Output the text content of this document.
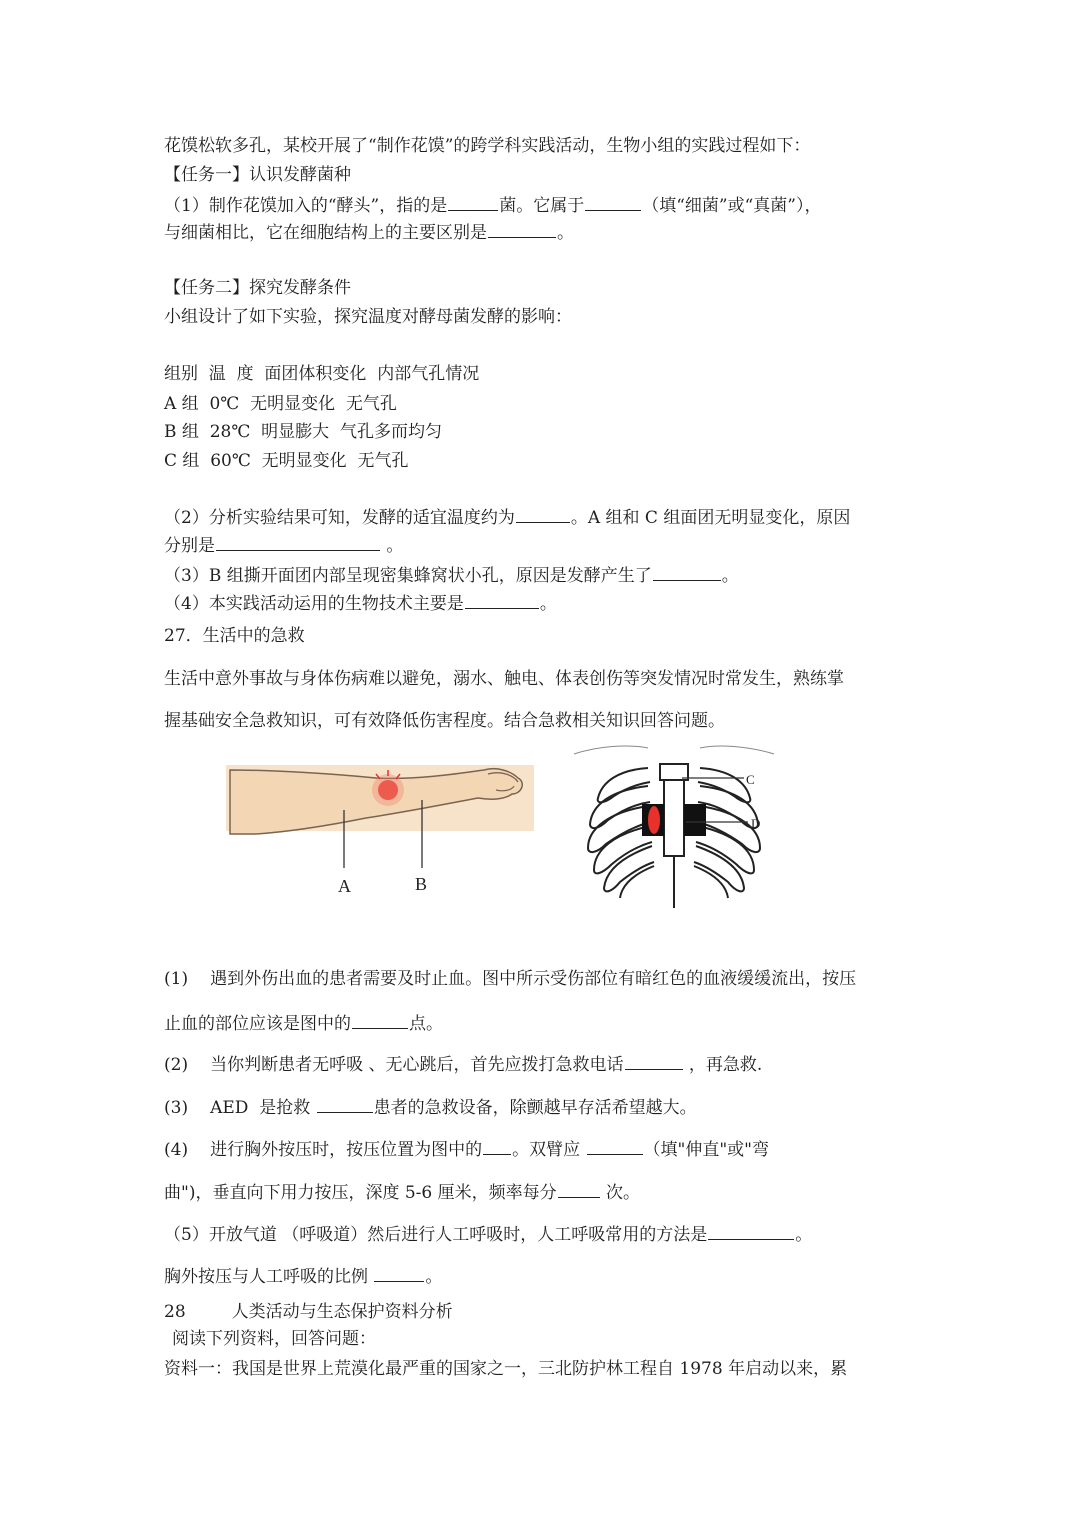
花馍松软多孔，某校开展了“制作花馍”的跨学科实践活动，生物小组的实践过程如下：
【任务一】认识发酵菌种
（1）制作花馍加入的“酵头”，指的是	菌。它属于	（填“细菌”或“真菌”），
与细菌相比，它在细胞结构上的主要区别是	。
【任务二】探究发酵条件
小组设计了如下实验，探究温度对酵母菌发酵的影响：
组别  温  度  面团体积变化  内部气孔情况
A 组  0℃  无明显变化  无气孔
B 组  28℃  明显膨大  气孔多而均匀
C 组  60℃  无明显变化  无气孔
（2）分析实验结果可知，发酵的适宜温度约为	。A 组和 C 组面团无明显变化，原因
分别是	。
（3）B 组撕开面团内部呈现密集蜂窝状小孔，原因是发酵产生了	。
（4）本实践活动运用的生物技术主要是	。
27．生活中的急救
生活中意外事故与身体伤病难以避免，溺水、触电、体表创伤等突发情况时常发生，熟练掌
握基础安全急救知识，可有效降低伤害程度。结合急救相关知识回答问题。
A	B
C
D
(1) 遇到外伤出血的患者需要及时止血。图中所示受伤部位有暗红色的血液缓缓流出，按压
止血的部位应该是图中的	点。
(2) 当你判断患者无呼吸 、无心跳后，首先应拨打急救电话	，再急救.
(3) AED  是抢救	患者的急救设备，除颤越早存活希望越大。
(4) 进行胸外按压时，按压位置为图中的 。双臂应	（填"伸直"或"弯
曲")，垂直向下用力按压，深度 5-6 厘米，频率每分	次。
（5）开放气道 （呼吸道）然后进行人工呼吸时，人工呼吸常用的方法是	。
胸外按压与人工呼吸的比例	。
28	人类活动与生态保护资料分析
阅读下列资料，回答问题：
资料一：我国是世界上荒漠化最严重的国家之一，三北防护林工程自 1978 年启动以来，累
